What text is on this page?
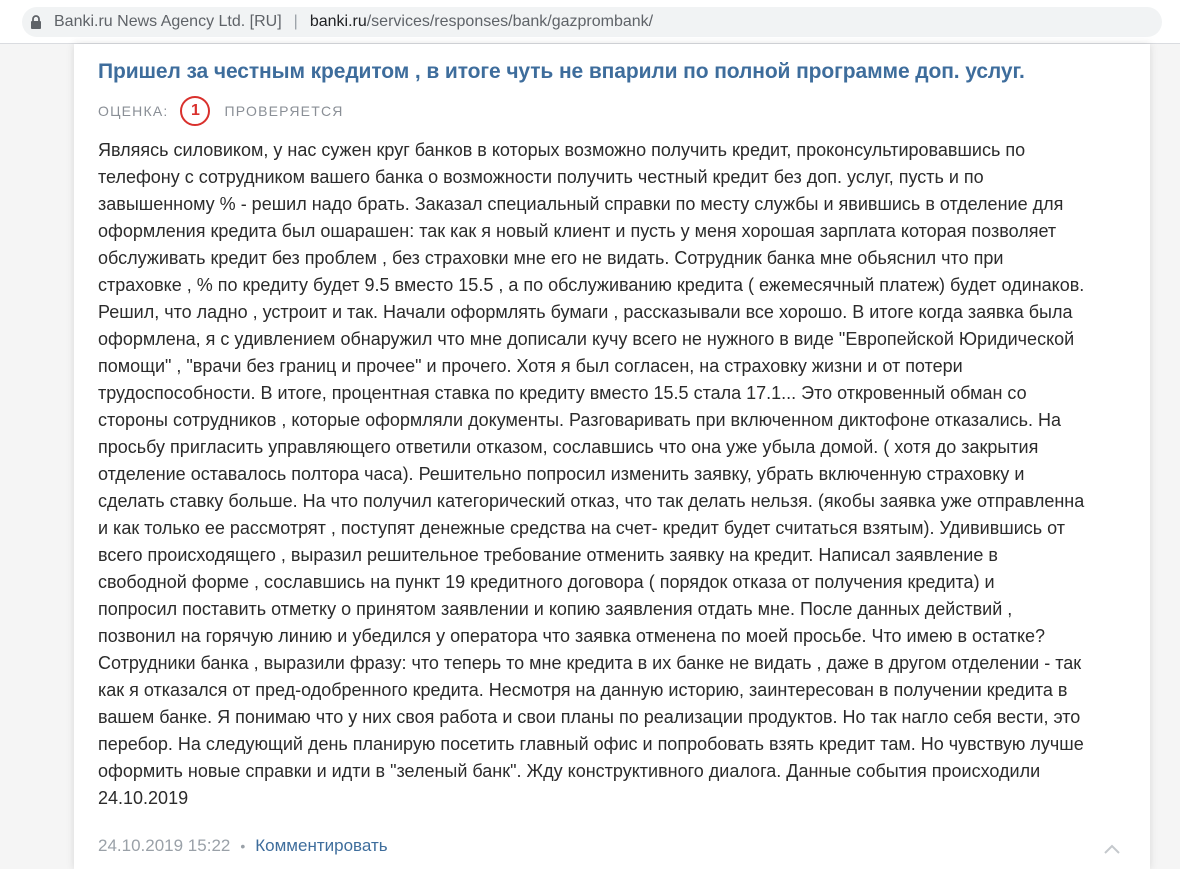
Banki.ru News Agency Ltd. [RU] | banki.ru /services/responses/bank/gazprombank/
Пришел за честным кредитом , в итоге чуть не впарили по полной программе доп. услуг.
ОЦЕНКА:	1	ПРОВЕРЯЕТСЯ
Являясь силовиком, у нас сужен круг банков в которых возможно получить кредит, проконсультировавшись по
телефону с сотрудником вашего банка о возможности получить честный кредит без доп. услуг, пусть и по
завышенному % - решил надо брать. Заказал специальный справки по месту службы и явившись в отделение для
оформления кредита был ошарашен: так как я новый клиент и пусть у меня хорошая зарплата которая позволяет
обслуживать кредит без проблем , без страховки мне его не видать. Сотрудник банка мне обьяснил что при
страховке , % по кредиту будет 9.5 вместо 15.5 , а по обслуживанию кредита ( ежемесячный платеж) будет одинаков.
Решил, что ладно , устроит и так. Начали оформлять бумаги , рассказывали все хорошо. В итоге когда заявка была
оформлена, я с удивлением обнаружил что мне дописали кучу всего не нужного в виде "Европейской Юридической
помощи" , "врачи без границ и прочее" и прочего. Хотя я был согласен, на страховку жизни и от потери
трудоспособности. В итоге, процентная ставка по кредиту вместо 15.5 стала 17.1... Это откровенный обман со
стороны сотрудников , которые оформляли документы. Разговаривать при включенном диктофоне отказались. На
просьбу пригласить управляющего ответили отказом, сославшись что она уже убыла домой. ( хотя до закрытия
отделение оставалось полтора часа). Решительно попросил изменить заявку, убрать включенную страховку и
сделать ставку больше. На что получил категорический отказ, что так делать нельзя. (якобы заявка уже отправленна
и как только ее рассмотрят , поступят денежные средства на счет- кредит будет считаться взятым). Удивившись от
всего происходящего , выразил решительное требование отменить заявку на кредит. Написал заявление в
свободной форме , сославшись на пункт 19 кредитного договора ( порядок отказа от получения кредита) и
попросил поставить отметку о принятом заявлении и копию заявления отдать мне. После данных действий ,
позвонил на горячую линию и убедился у оператора что заявка отменена по моей просьбе. Что имею в остатке?
Сотрудники банка , выразили фразу: что теперь то мне кредита в их банке не видать , даже в другом отделении - так
как я отказался от пред-одобренного кредита. Несмотря на данную историю, заинтересован в получении кредита в
вашем банке. Я понимаю что у них своя работа и свои планы по реализации продуктов. Но так нагло себя вести, это
перебор. На следующий день планирую посетить главный офис и попробовать взять кредит там. Но чувствую лучше
оформить новые справки и идти в "зеленый банк". Жду конструктивного диалога. Данные события происходили
24.10.2019
24.10.2019 15:22 • Комментировать
